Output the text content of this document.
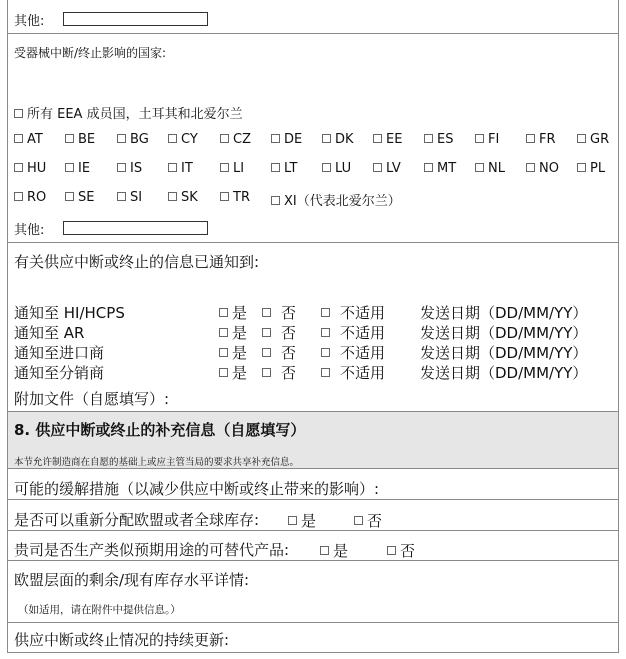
其他:
受器械中断/终止影响的国家:
所有 EEA 成员国，土耳其和北爱尔兰
AT	BE	BG	CY	CZ	DE	DK	EE	ES	FI	FR	GR
HU	IE	IS	IT	LI	LT	LU	LV	MT	NL	NO	PL
RO	SE	SI	SK	TR	XI（代表北爱尔兰）
其他:
有关供应中断或终止的信息已通知到:
通知至 HI/HCPS	是	否	不适用 发送日期（DD/MM/YY）
通知至 AR	是	否	不适用 发送日期（DD/MM/YY）
通知至进口商	是	否	不适用 发送日期（DD/MM/YY）
通知至分销商	是	否	不适用 发送日期（DD/MM/YY）
附加文件（自愿填写）:
8. 供应中断或终止的补充信息（自愿填写）
本节允许制造商在自愿的基础上或应主管当局的要求共享补充信息。
可能的缓解措施（以减少供应中断或终止带来的影响）:
是否可以重新分配欧盟或者全球库存:	是	否
贵司是否生产类似预期用途的可替代产品:	是	否
欧盟层面的剩余/现有库存水平详情:
（如适用，请在附件中提供信息。）
供应中断或终止情况的持续更新:
